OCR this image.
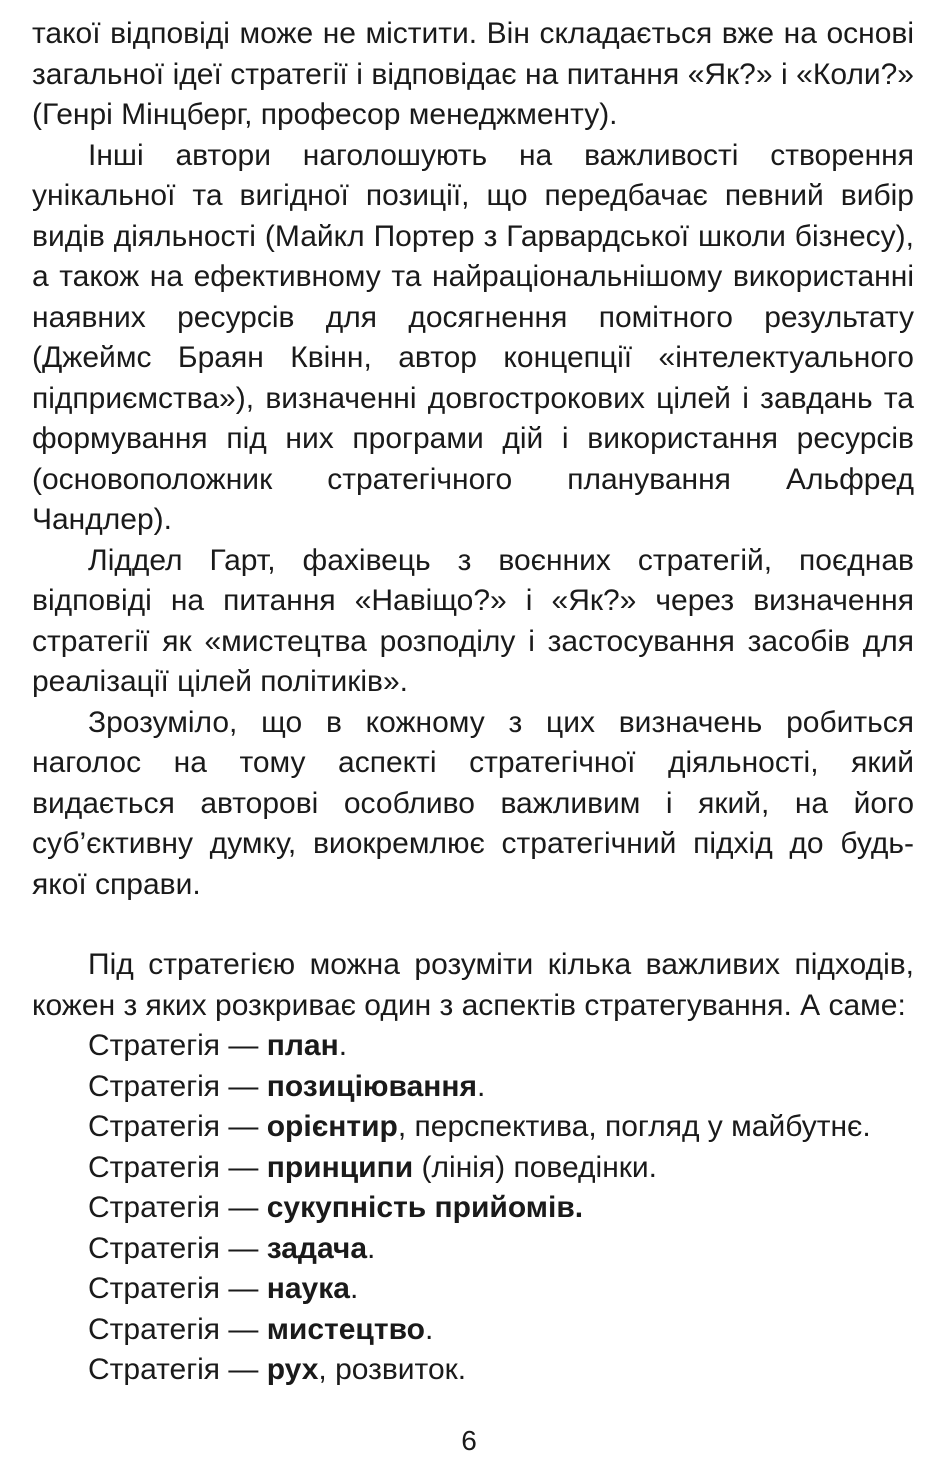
такої відповіді може не містити. Він складається вже на основі загальної ідеї стратегії і відповідає на питання «Як?» і «Коли?» (Генрі Мінцберг, професор менеджменту).

Інші автори наголошують на важливості створення унікальної та вигідної позиції, що передбачає певний вибір видів діяльності (Майкл Портер з Гарвардської школи бізнесу), а також на ефективному та найраціональнішому використанні наявних ресурсів для досягнення помітного результату (Джеймс Браян Квінн, автор концепції «інтелектуального підприємства»), визначенні довгострокових цілей і завдань та формування під них програми дій і використання ресурсів (основоположник стратегічного планування Альфред Чандлер).

Ліддел Гарт, фахівець з воєнних стратегій, поєднав відповіді на питання «Навіщо?» і «Як?» через визначення стратегії як «мистецтва розподілу і застосування засобів для реалізації цілей політиків».

Зрозуміло, що в кожному з цих визначень робиться наголос на тому аспекті стратегічної діяльності, який видається авторові особливо важливим і який, на його суб’єктивну думку, виокремлює стратегічний підхід до будь-якої справи.

Під стратегією можна розуміти кілька важливих підходів, кожен з яких розкриває один з аспектів стратегування. А саме:

Стратегія — план.
Стратегія — позиціювання.
Стратегія — орієнтир, перспектива, погляд у майбутнє.
Стратегія — принципи (лінія) поведінки.
Стратегія — сукупність прийомів.
Стратегія — задача.
Стратегія — наука.
Стратегія — мистецтво.
Стратегія — рух, розвиток.
6
